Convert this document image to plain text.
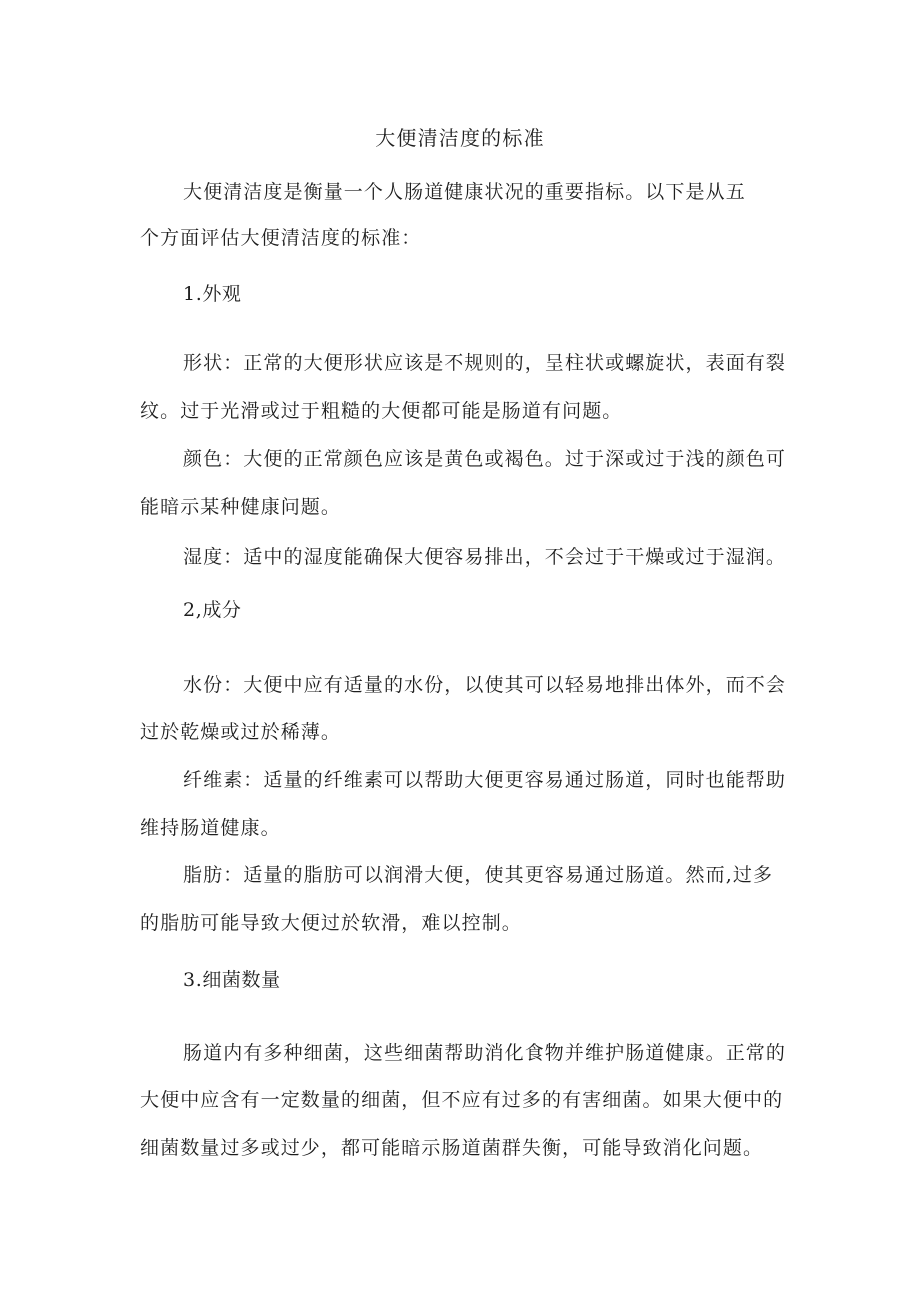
大便清洁度的标准
大便清洁度是衡量一个人肠道健康状况的重要指标。以下是从五
个方面评估大便清洁度的标准：
1.外观
形状：正常的大便形状应该是不规则的，呈柱状或螺旋状，表面有裂
纹。过于光滑或过于粗糙的大便都可能是肠道有问题。
颜色：大便的正常颜色应该是黄色或褐色。过于深或过于浅的颜色可
能暗示某种健康问题。
湿度：适中的湿度能确保大便容易排出，不会过于干燥或过于湿润。
2,成分
水份：大便中应有适量的水份，以使其可以轻易地排出体外，而不会
过於乾燥或过於稀薄。
纤维素：适量的纤维素可以帮助大便更容易通过肠道，同时也能帮助
维持肠道健康。
脂肪：适量的脂肪可以润滑大便，使其更容易通过肠道。然而,过多
的脂肪可能导致大便过於软滑，难以控制。
3.细菌数量
肠道内有多种细菌，这些细菌帮助消化食物并维护肠道健康。正常的
大便中应含有一定数量的细菌，但不应有过多的有害细菌。如果大便中的
细菌数量过多或过少，都可能暗示肠道菌群失衡，可能导致消化问题。
